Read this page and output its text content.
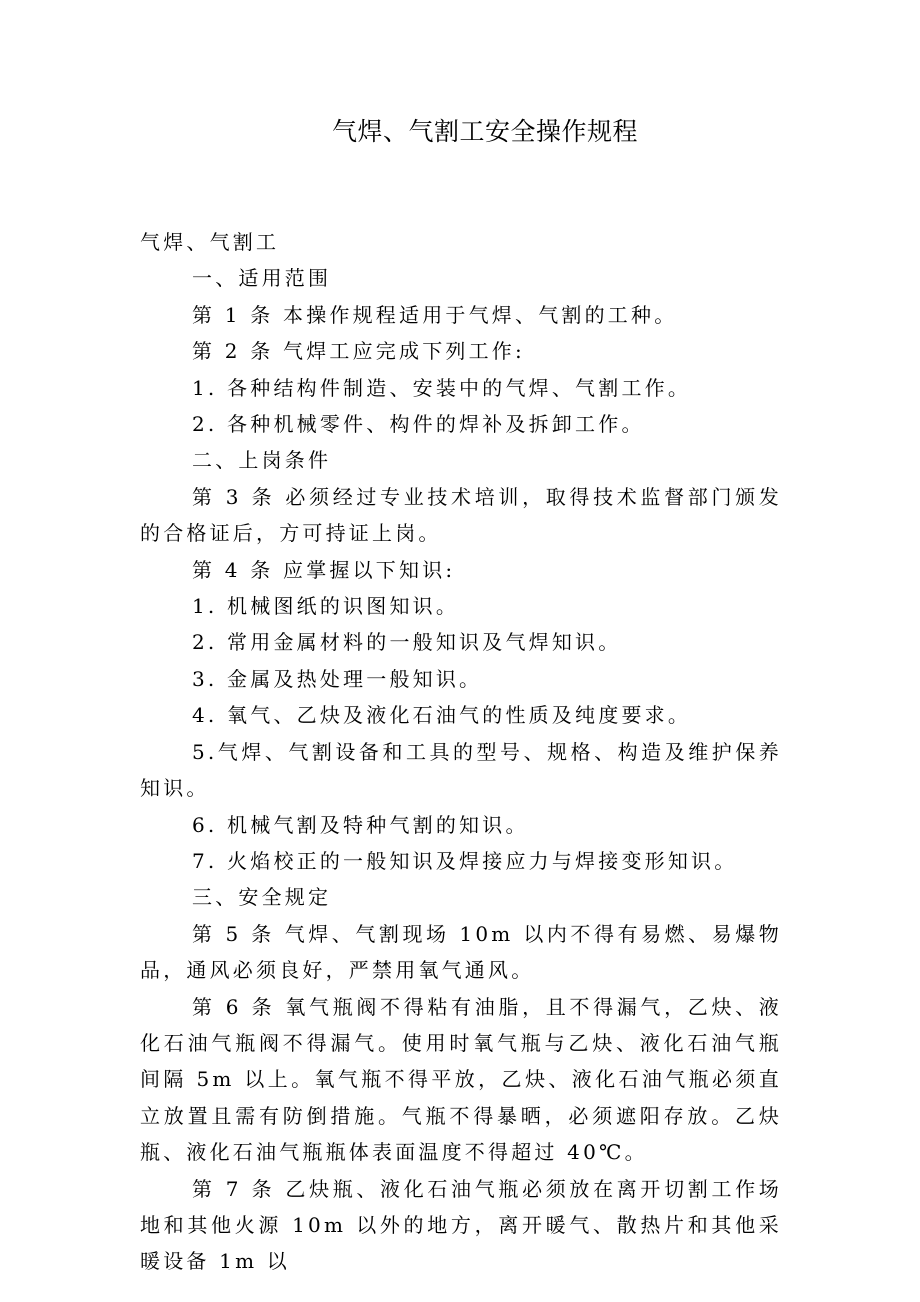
气焊、气割工安全操作规程

气焊、气割工

一、适用范围

第 1 条 本操作规程适用于气焊、气割的工种。

第 2 条 气焊工应完成下列工作:

1. 各种结构件制造、安装中的气焊、气割工作。

2. 各种机械零件、构件的焊补及拆卸工作。

二、上岗条件

第 3 条 必须经过专业技术培训，取得技术监督部门颁发的合格证后，方可持证上岗。

第 4 条 应掌握以下知识:

1. 机械图纸的识图知识。

2. 常用金属材料的一般知识及气焊知识。

3. 金属及热处理一般知识。

4. 氧气、乙炔及液化石油气的性质及纯度要求。

5.气焊、气割设备和工具的型号、规格、构造及维护保养知识。

6. 机械气割及特种气割的知识。

7. 火焰校正的一般知识及焊接应力与焊接变形知识。

三、安全规定

第 5 条 气焊、气割现场 10m 以内不得有易燃、易爆物品，通风必须良好，严禁用氧气通风。

第 6 条 氧气瓶阀不得粘有油脂，且不得漏气，乙炔、液化石油气瓶阀不得漏气。使用时氧气瓶与乙炔、液化石油气瓶间隔 5m 以上。氧气瓶不得平放，乙炔、液化石油气瓶必须直立放置且需有防倒措施。气瓶不得暴晒，必须遮阳存放。乙炔瓶、液化石油气瓶瓶体表面温度不得超过 40℃。

第 7 条 乙炔瓶、液化石油气瓶必须放在离开切割工作场地和其他火源 10m 以外的地方，离开暖气、散热片和其他采暖设备 1m 以
